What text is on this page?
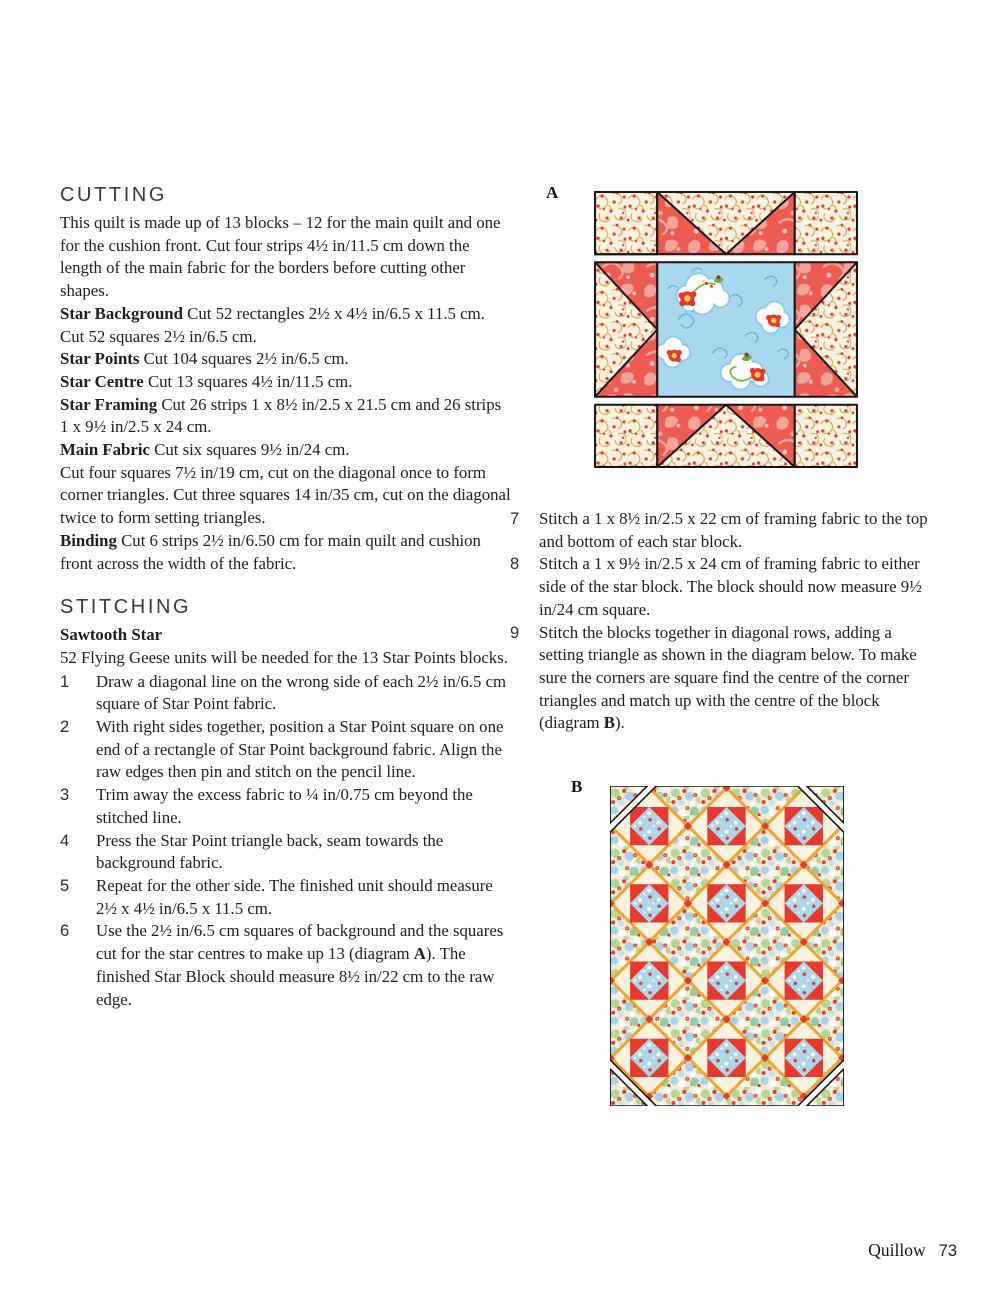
CUTTING

This quilt is made up of 13 blocks – 12 for the main quilt and one for the cushion front. Cut four strips 4½ in/11.5 cm down the length of the main fabric for the borders before cutting other shapes.

Star Background Cut 52 rectangles 2½ x 4½ in/6.5 x 11.5 cm. Cut 52 squares 2½ in/6.5 cm.

Star Points Cut 104 squares 2½ in/6.5 cm.

Star Centre Cut 13 squares 4½ in/11.5 cm.

Star Framing Cut 26 strips 1 x 8½ in/2.5 x 21.5 cm and 26 strips 1 x 9½ in/2.5 x 24 cm.

Main Fabric Cut six squares 9½ in/24 cm.

Cut four squares 7½ in/19 cm, cut on the diagonal once to form corner triangles. Cut three squares 14 in/35 cm, cut on the diagonal twice to form setting triangles.

Binding Cut 6 strips 2½ in/6.50 cm for main quilt and cushion front across the width of the fabric.

STITCHING

Sawtooth Star

52 Flying Geese units will be needed for the 13 Star Points blocks.

1	Draw a diagonal line on the wrong side of each 2½ in/6.5 cm square of Star Point fabric.
2	With right sides together, position a Star Point square on one end of a rectangle of Star Point background fabric. Align the raw edges then pin and stitch on the pencil line.
3	Trim away the excess fabric to ¼ in/0.75 cm beyond the stitched line.
4	Press the Star Point triangle back, seam towards the background fabric.
5	Repeat for the other side. The finished unit should measure 2½ x 4½ in/6.5 x 11.5 cm.
6	Use the 2½ in/6.5 cm squares of background and the squares cut for the star centres to make up 13 (diagram A). The finished Star Block should measure 8½ in/22 cm to the raw edge.
7	Stitch a 1 x 8½ in/2.5 x 22 cm of framing fabric to the top and bottom of each star block.
8	Stitch a 1 x 9½ in/2.5 x 24 cm of framing fabric to either side of the star block. The block should now measure 9½ in/24 cm square.
9	Stitch the blocks together in diagonal rows, adding a setting triangle as shown in the diagram below. To make sure the corners are square find the centre of the corner triangles and match up with the centre of the block (diagram B).
A
B
Quillow 73
